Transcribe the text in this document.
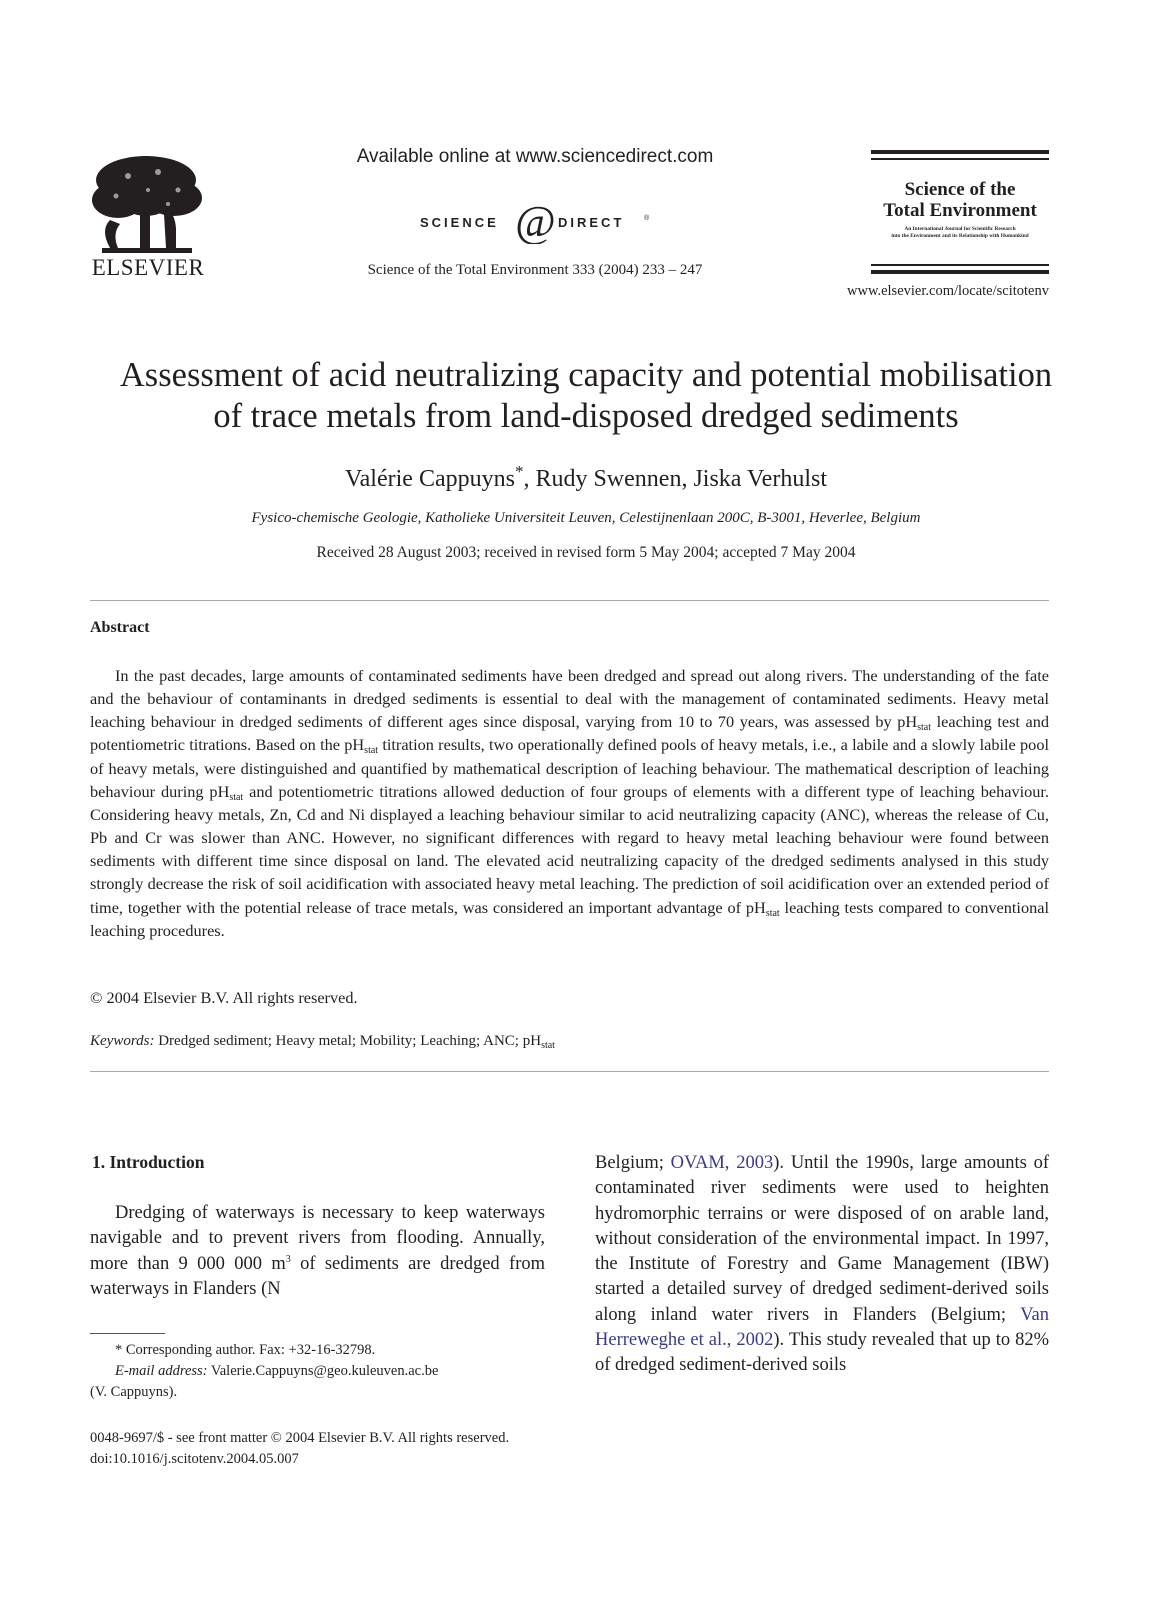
ELSEVIER
Available online at www.sciencedirect.com
SCIENCE @ DIRECT	®
Science of the Total Environment 333 (2004) 233 – 247
Science of the
Total Environment
An International Journal for Scientific Research
into the Environment and its Relationship with Humankind
www.elsevier.com/locate/scitotenv
Assessment of acid neutralizing capacity and potential mobilisation
of trace metals from land-disposed dredged sediments
Valérie Cappuyns*, Rudy Swennen, Jiska Verhulst
Fysico-chemische Geologie, Katholieke Universiteit Leuven, Celestijnenlaan 200C, B-3001, Heverlee, Belgium
Received 28 August 2003; received in revised form 5 May 2004; accepted 7 May 2004
Abstract
In the past decades, large amounts of contaminated sediments have been dredged and spread out along rivers. The understanding of the fate and the behaviour of contaminants in dredged sediments is essential to deal with the management of contaminated sediments. Heavy metal leaching behaviour in dredged sediments of different ages since disposal, varying from 10 to 70 years, was assessed by $pH_{stat}$ leaching test and potentiometric titrations. Based on the $pH_{stat}$ titration results, two operationally defined pools of heavy metals, i.e., a labile and a slowly labile pool of heavy metals, were distinguished and quantified by mathematical description of leaching behaviour. The mathematical description of leaching behaviour during $pH_{stat}$ and potentiometric titrations allowed deduction of four groups of elements with a different type of leaching behaviour. Considering heavy metals, Zn, Cd and Ni displayed a leaching behaviour similar to acid neutralizing capacity (ANC), whereas the release of Cu, Pb and Cr was slower than ANC. However, no significant differences with regard to heavy metal leaching behaviour were found between sediments with different time since disposal on land. The elevated acid neutralizing capacity of the dredged sediments analysed in this study strongly decrease the risk of soil acidification with associated heavy metal leaching. The prediction of soil acidification over an extended period of time, together with the potential release of trace metals, was considered an important advantage of $pH_{stat}$ leaching tests compared to conventional leaching procedures.
© 2004 Elsevier B.V. All rights reserved.
Keywords: Dredged sediment; Heavy metal; Mobility; Leaching; ANC; $pH_{stat}$
1. Introduction
Dredging of waterways is necessary to keep waterways navigable and to prevent rivers from flooding. Annually, more than 9 000 000 $m^3$ of sediments are dredged from waterways in Flanders (N
Belgium; OVAM, 2003). Until the 1990s, large amounts of contaminated river sediments were used to heighten hydromorphic terrains or were disposed of on arable land, without consideration of the environmental impact. In 1997, the Institute of Forestry and Game Management (IBW) started a detailed survey of dredged sediment-derived soils along inland water rivers in Flanders (Belgium; Van Herreweghe et al., 2002). This study revealed that up to 82% of dredged sediment-derived soils
* Corresponding author. Fax: +32-16-32798.
E-mail address: Valerie.Cappuyns@geo.kuleuven.ac.be
(V. Cappuyns).
0048-9697/$ - see front matter © 2004 Elsevier B.V. All rights reserved.
doi:10.1016/j.scitotenv.2004.05.007
